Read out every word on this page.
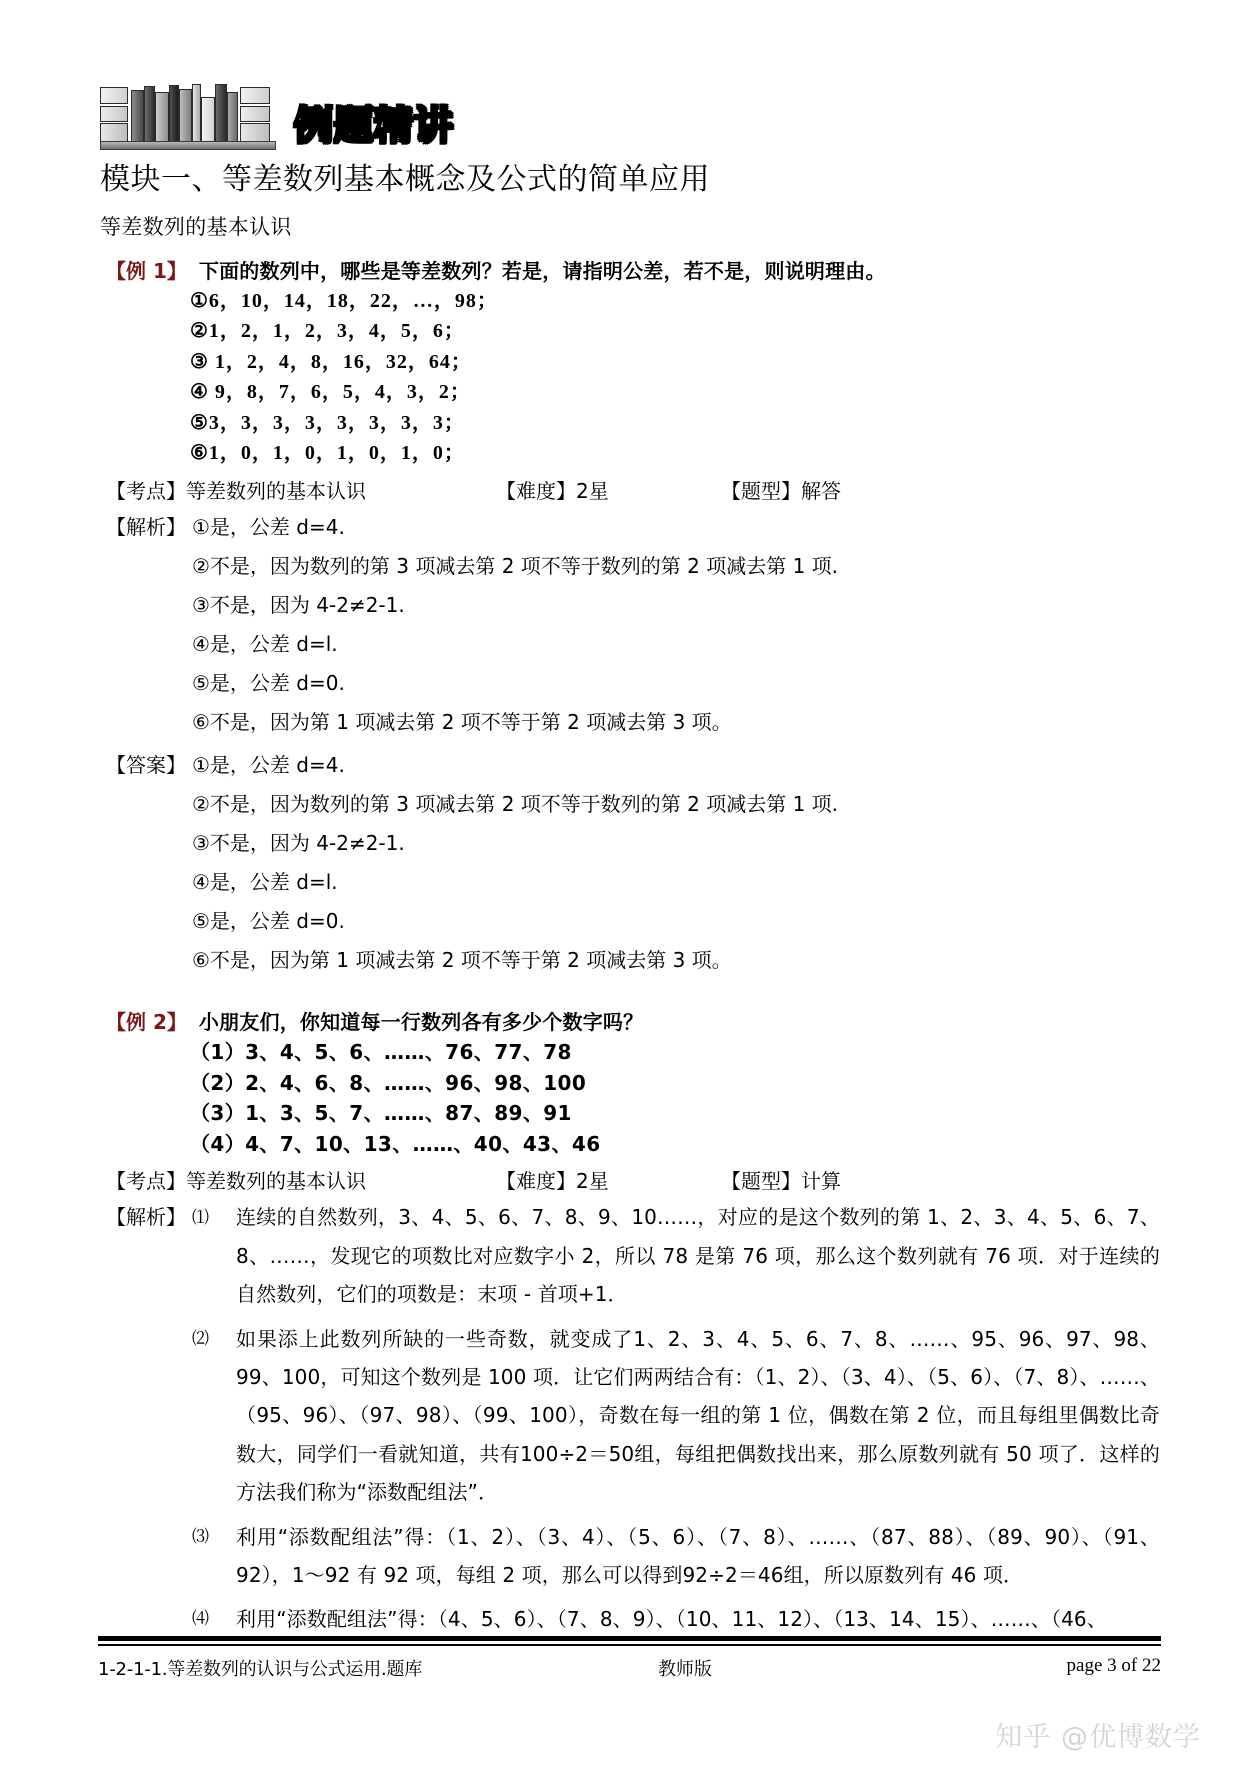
例题精讲
模块一、等差数列基本概念及公式的简单应用
等差数列的基本认识
【例 1】 下面的数列中，哪些是等差数列？若是，请指明公差，若不是，则说明理由。
①6，10，14，18，22，…，98；
②1，2，1，2，3，4，5，6；
③ 1，2，4，8，16，32，64；
④ 9，8，7，6，5，4，3，2；
⑤3，3，3，3，3，3，3，3；
⑥1，0，1，0，1，0，1，0；
【考点】等差数列的基本认识	【难度】2星	【题型】解答
【解析】 ①是，公差 d=4.
②不是，因为数列的第 3 项减去第 2 项不等于数列的第 2 项减去第 1 项.
③不是，因为 4-2≠2-1.
④是，公差 d=l.
⑤是，公差 d=0.
⑥不是，因为第 1 项减去第 2 项不等于第 2 项减去第 3 项。
【答案】 ①是，公差 d=4.
②不是，因为数列的第 3 项减去第 2 项不等于数列的第 2 项减去第 1 项.
③不是，因为 4-2≠2-1.
④是，公差 d=l.
⑤是，公差 d=0.
⑥不是，因为第 1 项减去第 2 项不等于第 2 项减去第 3 项。
【例 2】 小朋友们，你知道每一行数列各有多少个数字吗？
（1）3、4、5、6、……、76、77、78
（2）2、4、6、8、……、96、98、100
（3）1、3、5、7、……、87、89、91
（4）4、7、10、13、……、40、43、46
【考点】等差数列的基本认识	【难度】2星	【题型】计算
【解析】 ⑴	连续的自然数列，3、4、5、6、7、8、9、10……，对应的是这个数列的第 1、2、3、4、5、6、7、8、……，发现它的项数比对应数字小 2，所以 78 是第 76 项，那么这个数列就有 76 项．对于连续的自然数列，它们的项数是：末项 - 首项+1．
⑵	如果添上此数列所缺的一些奇数，就变成了1、2、3、4、5、6、7、8、……、95、96、97、98、99、100，可知这个数列是 100 项．让它们两两结合有：（1、2）、（3、4）、（5、6）、（7、8）、……、（95、96）、（97、98）、（99、100），奇数在每一组的第 1 位，偶数在第 2 位，而且每组里偶数比奇数大，同学们一看就知道，共有100÷2＝50组，每组把偶数找出来，那么原数列就有 50 项了．这样的方法我们称为“添数配组法”．
⑶	利用“添数配组法”得：（1、2）、（3、4）、（5、6）、（7、8）、……、（87、88）、（89、90）、（91、92），1～92 有 92 项，每组 2 项，那么可以得到92÷2＝46组，所以原数列有 46 项．
⑷	利用“添数配组法”得：（4、5、6）、（7、8、9）、（10、11、12）、（13、14、15）、……、（46、
1-2-1-1.等差数列的认识与公式运用.题库	教师版	page 3 of 22
知乎 @优博数学
